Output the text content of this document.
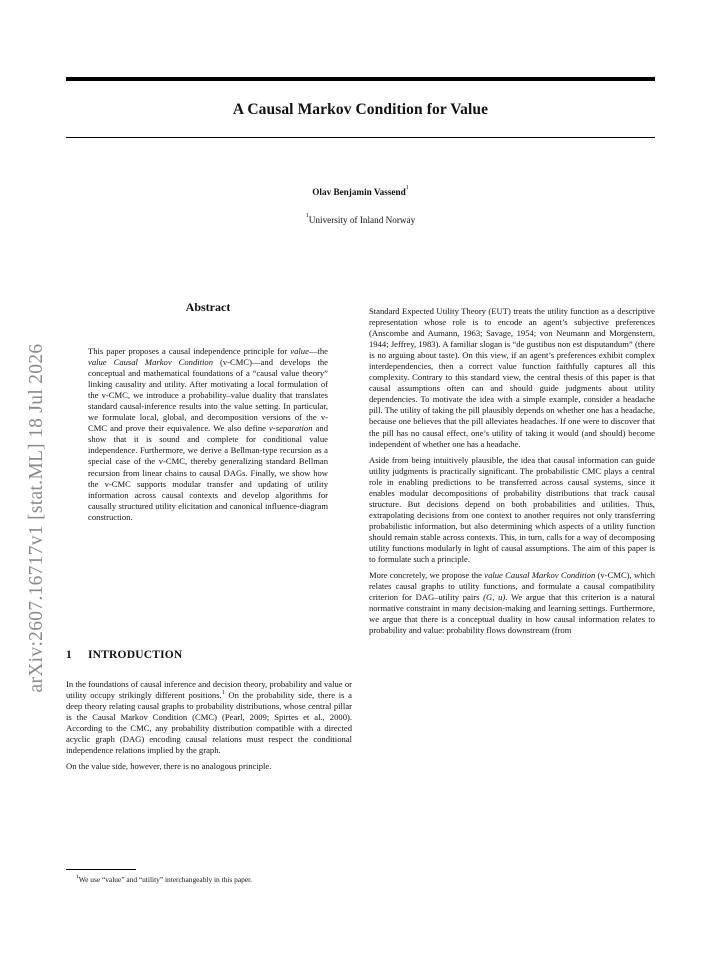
A Causal Markov Condition for Value
Olav Benjamin Vassend$^1$
$^1$University of Inland Norway
arXiv:2607.16717v1 [stat.ML] 18 Jul 2026
Abstract
This paper proposes a causal independence principle for value—the value Causal Markov Condition (v-CMC)—and develops the conceptual and mathematical foundations of a “causal value theory” linking causality and utility. After motivating a local formulation of the v-CMC, we introduce a probability–value duality that translates standard causal-inference results into the value setting. In particular, we formulate local, global, and decomposition versions of the v-CMC and prove their equivalence. We also define v-separation and show that it is sound and complete for conditional value independence. Furthermore, we derive a Bellman-type recursion as a special case of the v-CMC, thereby generalizing standard Bellman recursion from linear chains to causal DAGs. Finally, we show how the v-CMC supports modular transfer and updating of utility information across causal contexts and develop algorithms for causally structured utility elicitation and canonical influence-diagram construction.
1 INTRODUCTION

In the foundations of causal inference and decision theory, probability and value or utility occupy strikingly different positions.$^1$ On the probability side, there is a deep theory relating causal graphs to probability distributions, whose central pillar is the Causal Markov Condition (CMC) (Pearl, 2009; Spirtes et al., 2000). According to the CMC, any probability distribution compatible with a directed acyclic graph (DAG) encoding causal relations must respect the conditional independence relations implied by the graph.

On the value side, however, there is no analogous principle.

$^1$We use “value” and “utility” interchangeably in this paper.

Standard Expected Utility Theory (EUT) treats the utility function as a descriptive representation whose role is to encode an agent’s subjective preferences (Anscombe and Aumann, 1963; Savage, 1954; von Neumann and Morgenstern, 1944; Jeffrey, 1983). A familiar slogan is “de gustibus non est disputandum” (there is no arguing about taste). On this view, if an agent’s preferences exhibit complex interdependencies, then a correct value function faithfully captures all this complexity. Contrary to this standard view, the central thesis of this paper is that causal assumptions often can and should guide judgments about utility dependencies. To motivate the idea with a simple example, consider a headache pill. The utility of taking the pill plausibly depends on whether one has a headache, because one believes that the pill alleviates headaches. If one were to discover that the pill has no causal effect, one’s utility of taking it would (and should) become independent of whether one has a headache.

Aside from being intuitively plausible, the idea that causal information can guide utility judgments is practically significant. The probabilistic CMC plays a central role in enabling predictions to be transferred across causal systems, since it enables modular decompositions of probability distributions that track causal structure. But decisions depend on both probabilities and utilities. Thus, extrapolating decisions from one context to another requires not only transferring probabilistic information, but also determining which aspects of a utility function should remain stable across contexts. This, in turn, calls for a way of decomposing utility functions modularly in light of causal assumptions. The aim of this paper is to formulate such a principle.

More concretely, we propose the value Causal Markov Condition (v-CMC), which relates causal graphs to utility functions, and formulate a causal compatibility criterion for DAG–utility pairs (G, u). We argue that this criterion is a natural normative constraint in many decision-making and learning settings. Furthermore, we argue that there is a conceptual duality in how causal information relates to probability and value: probability flows downstream (from
